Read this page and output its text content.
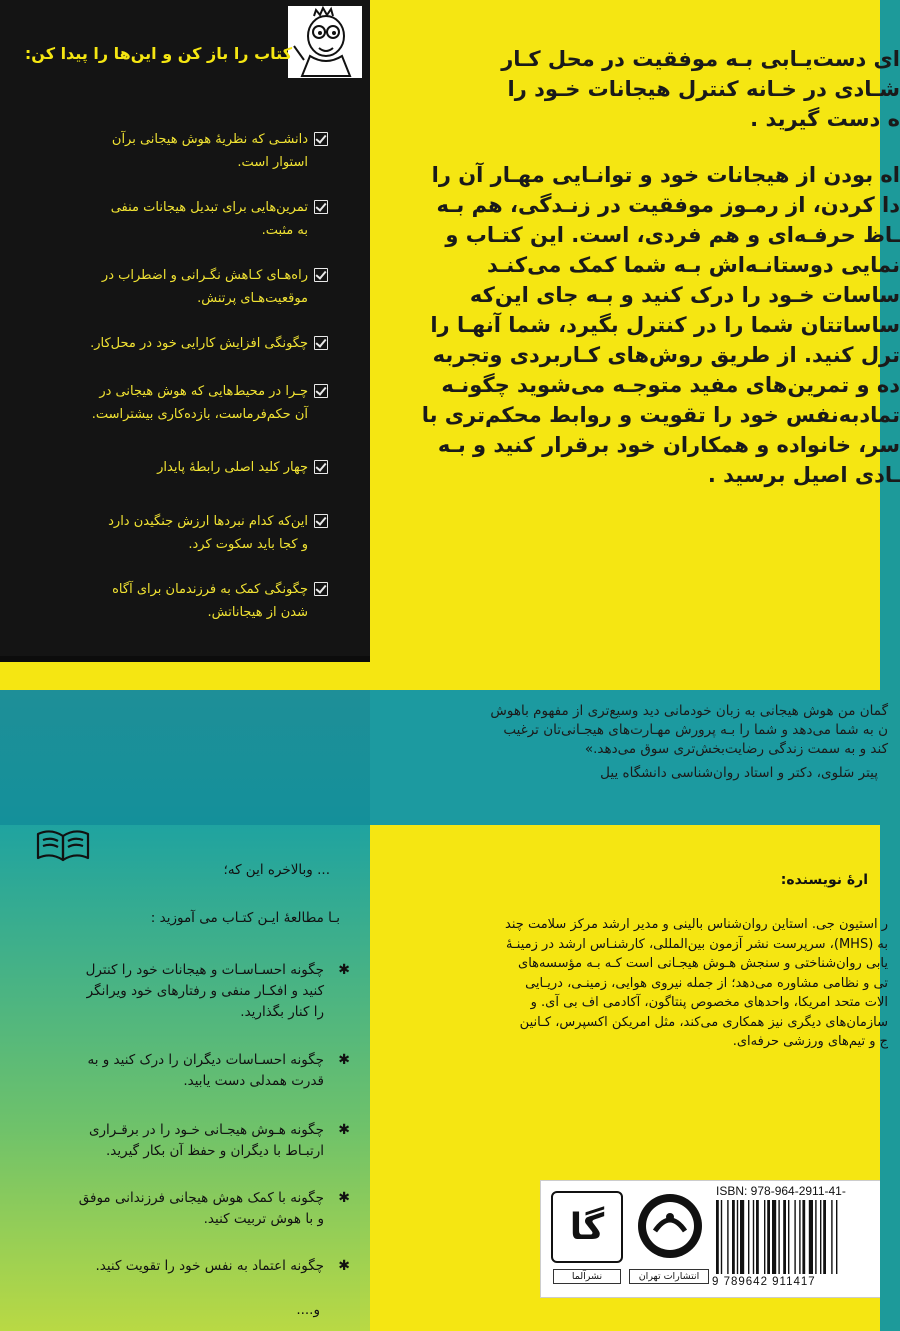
کتاب را باز کن و این‌ها را پیدا کن:
دانشـی که نظریهٔ هوش هیجانی برآن
استوار است.
تمرین‌هایی برای تبدیل هیجانات منفی
به مثبت.
راه‌هـای کـاهش نگـرانی و اضطراب در
موقعیت‌هـای پرتنش.
چگونگی افزایش کارایی خود در محل‌کار.
چـرا در محیط‌هایی که هوش هیجانی در
آن حکم‌فرماست، بازده‌کاری بیشتراست.
چهار کلید اصلی رابطهٔ پایدار
این‌که کدام نبردها ارزش جنگیدن دارد
و کجا باید سکوت کرد.
چگونگی کمک به فرزندمان برای آگاه
شدن از هیجاناتش.

ای دست‌یـابی بـه موفقیت در محل کـار
شـادی در خـانه کنترل هیجانات خـود را
ه دست گیرید .

اه بودن از هیجانات خود و توانـایی مهـار آن را
دا کردن، از رمـوز موفقیت در زنـدگی، هم بـه
ـاظ حرفـه‌ای و هم فردی، است. این کتـاب و
نمایی دوستانـه‌اش بـه شما کمک می‌کنـد
ساسات خـود را درک کنید و بـه جای این‌که
ساساتتان شما را در کنترل بگیرد، شما آنهـا را
ترل کنید. از طریق روش‌های کـاربردی وتجربه
ده و تمرین‌های مفید متوجـه می‌شوید چگونـه
تمادبه‌نفس خود را تقویت و روابط محکم‌تری با
سر، خانواده و همکاران خود برقرار کنید و بـه
ـادی اصیل برسید .

گمان من هوش هیجانی به زبان خودمانی دید وسیع‌تری از مفهوم باهوش
ن به شما می‌دهد و شما را بـه پرورش مهـارت‌های هیجـانی‌تان ترغیب
کند و به سمت زندگی رضایت‌بخش‌تری سوق می‌دهد.»
پیتر سَلوی، دکتر و استاد روان‌شناسی دانشگاه ییل
... وبالاخره این که؛
بـا مطالعهٔ ایـن کتـاب می آموزید :
✱
چگونه احسـاسـات و هیجانات خود را کنترل
کنید و افکـار منفی و رفتارهای خود ویرانگر
را کنار بگذارید.
✱
چگونه احسـاسات دیگران را درک کنید و به
قدرت همدلی دست یابید.
✱
چگونه هـوش هیجـانی خـود را در برقـراری
ارتبـاط با دیگران و حفظ آن بکار گیرید.
✱
چگونه با کمک هوش هیجانی فرزندانی موفق
و با هوش تربیت کنید.
✱
چگونه اعتماد به نفس خود را تقویت کنید.
و....
ارهٔ نویسنده:
ر استیون جی. استاین روان‌شناس بالینی و مدیر ارشد مرکز سلامت چند
به (MHS)، سرپرست نشر آزمون بین‌المللی، کارشنـاس ارشد در زمینـهٔ
یابی روان‌شناختی و سنجش هـوش هیجـانی است کـه بـه مؤسسه‌های
تی و نظامی مشاوره می‌دهد؛ از جمله نیروی هوایی، زمینـی، دریـایی
الات متحد امریکا، واحدهای مخصوص پنتاگون، آکادمی اف بی آی. و
سازمان‌های دیگری نیز همکاری می‌کند، مثل امریکن اکسپرس، کـانین
ج و تیم‌های ورزشی حرفه‌ای.
گا
نشرآلما	انتشارات تهران
ISBN: 978-964-2911-41-
9 789642 911417
